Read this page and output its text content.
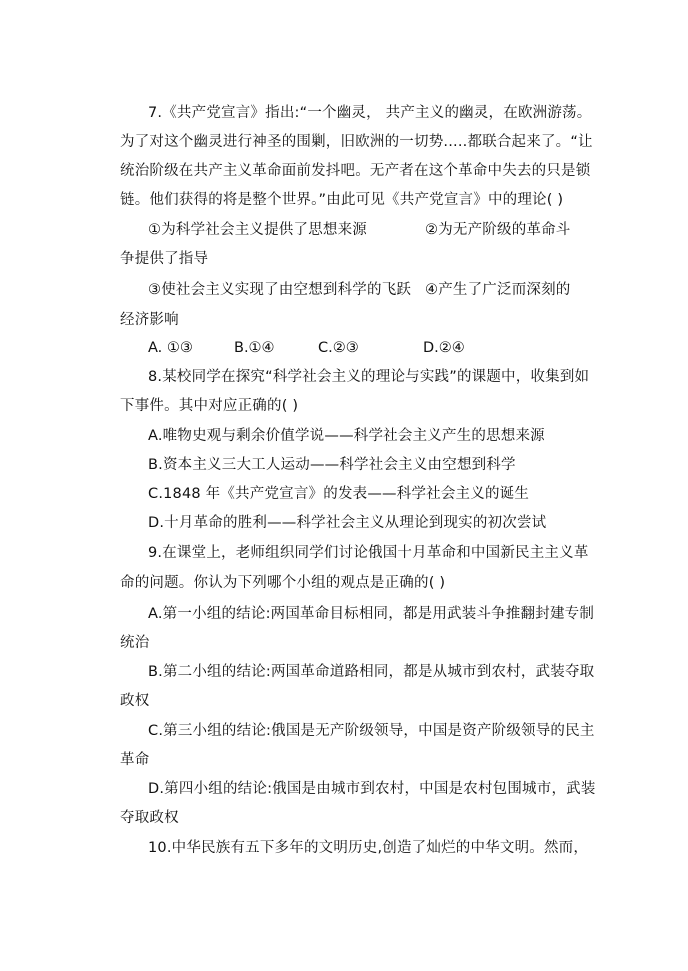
7.《共产党宣言》指出:“一个幽灵， 共产主义的幽灵，在欧洲游荡。
为了对这个幽灵进行神圣的围剿，旧欧洲的一切势.....都联合起来了。“让
统治阶级在共产主义革命面前发抖吧。无产者在这个革命中失去的只是锁
链。他们获得的将是整个世界。”由此可见《共产党宣言》中的理论( )
①为科学社会主义提供了思想来源	②为无产阶级的革命斗
争提供了指导
③使社会主义实现了由空想到科学的飞跃 ④产生了广泛而深刻的
经济影响
A. ①③	B.①④	C.②③	D.②④
8.某校同学在探究“科学社会主义的理论与实践”的课题中，收集到如
下事件。其中对应正确的( )
A.唯物史观与剩余价值学说——科学社会主义产生的思想来源
B.资本主义三大工人运动——科学社会主义由空想到科学
C.1848 年《共产党宣言》的发表——科学社会主义的诞生
D.十月革命的胜利——科学社会主义从理论到现实的初次尝试
9.在课堂上，老师组织同学们讨论俄国十月革命和中国新民主主义革
命的问题。你认为下列哪个小组的观点是正确的( )
A.第一小组的结论:两国革命目标相同，都是用武装斗争推翻封建专制
统治
B.第二小组的结论:两国革命道路相同，都是从城市到农村，武装夺取
政权
C.第三小组的结论:俄国是无产阶级领导，中国是资产阶级领导的民主
革命
D.第四小组的结论:俄国是由城市到农村，中国是农村包围城市，武装
夺取政权
10.中华民族有五下多年的文明历史,创造了灿烂的中华文明。然而，
